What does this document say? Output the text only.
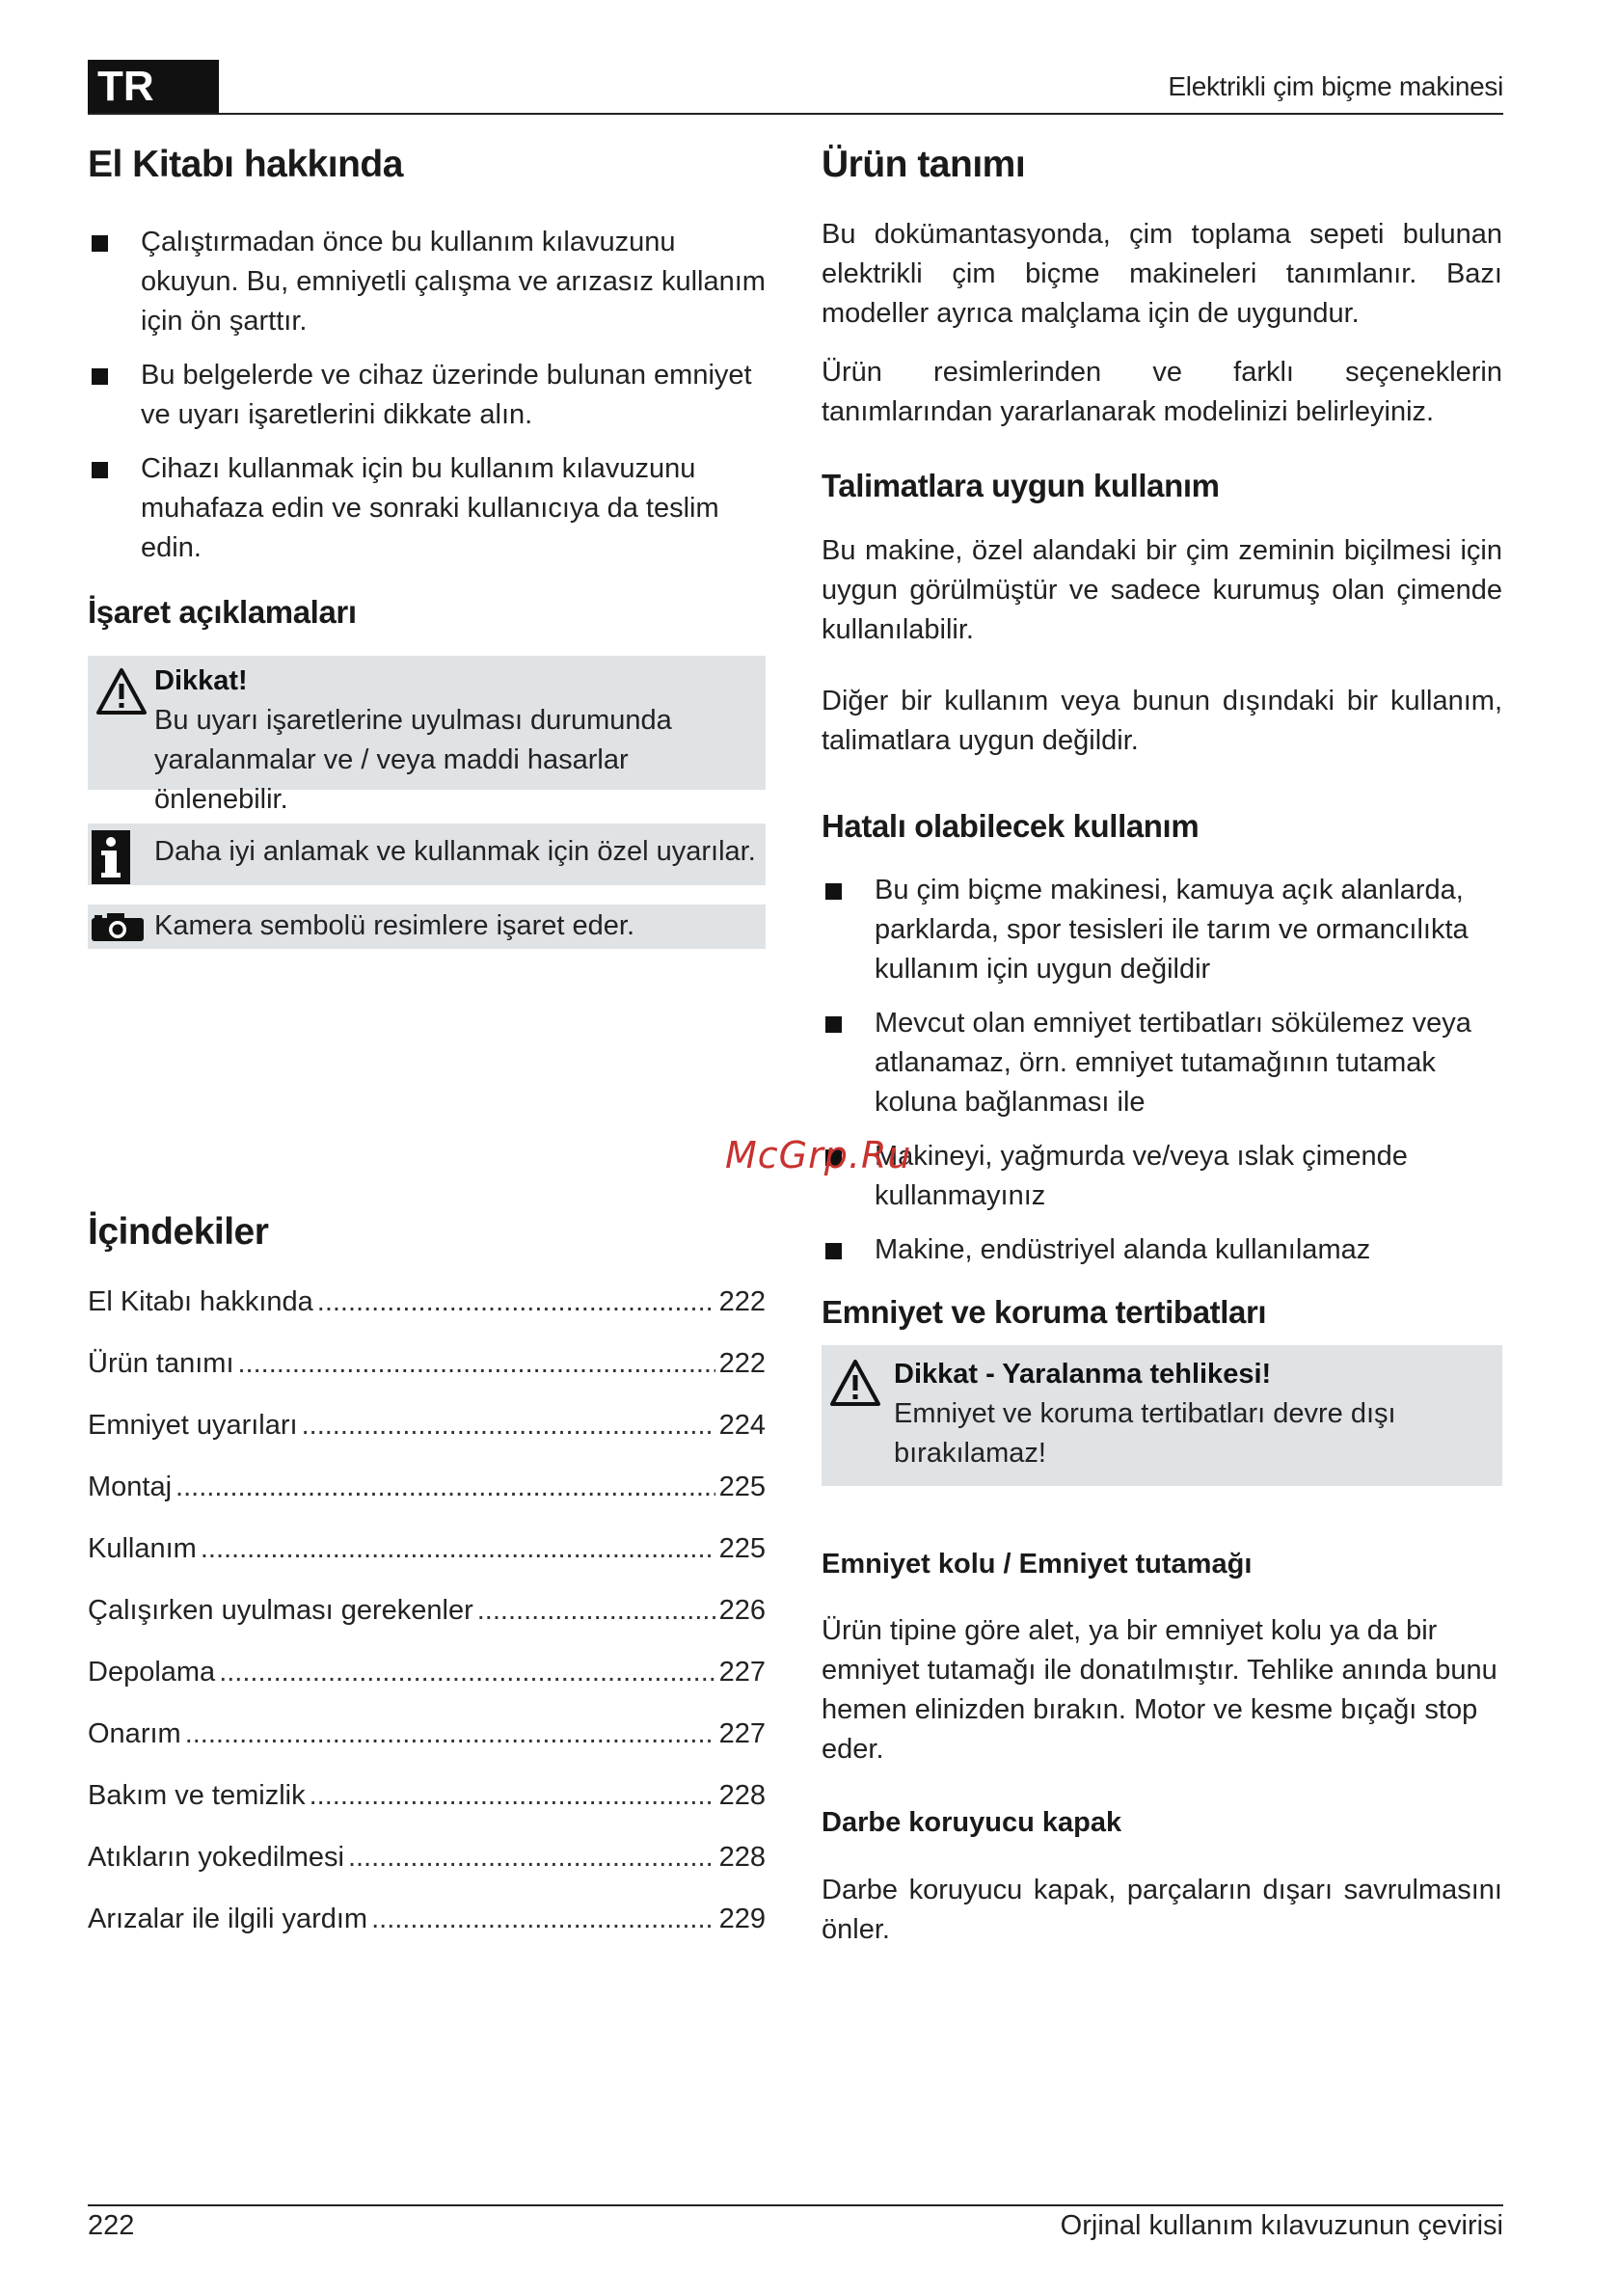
TR	Elektrikli çim biçme makinesi
El Kitabı hakkında
Çalıştırmadan önce bu kullanım kılavuzunu okuyun. Bu, emniyetli çalışma ve arızasız kullanım için ön şarttır.
Bu belgelerde ve cihaz üzerinde bulunan emniyet ve uyarı işaretlerini dikkate alın.
Cihazı kullanmak için bu kullanım kılavuzunu muhafaza edin ve sonraki kullanıcıya da teslim edin.
İşaret açıklamaları
Dikkat!
Bu uyarı işaretlerine uyulması durumunda yaralanmalar ve / veya maddi hasarlar önlenebilir.
Daha iyi anlamak ve kullanmak için özel uyarılar.
Kamera sembolü resimlere işaret eder.
İçindekiler
El Kitabı hakkında .....	222
Ürün tanımı .....	222
Emniyet uyarıları .....	224
Montaj .....	225
Kullanım .....	225
Çalışırken uyulması gerekenler .....	226
Depolama .....	227
Onarım .....	227
Bakım ve temizlik .....	228
Atıkların yokedilmesi .....	228
Arızalar ile ilgili yardım .....	229
Ürün tanımı

Bu dokümantasyonda, çim toplama sepeti bulunan elektrikli çim biçme makineleri tanımlanır. Bazı modeller ayrıca malçlama için de uygundur.

Ürün resimlerinden ve farklı seçeneklerin tanımlarından yararlanarak modelinizi belirleyiniz.

Talimatlara uygun kullanım

Bu makine, özel alandaki bir çim zeminin biçilmesi için uygun görülmüştür ve sadece kurumuş olan çimende kullanılabilir.

Diğer bir kullanım veya bunun dışındaki bir kullanım, talimatlara uygun değildir.

Hatalı olabilecek kullanım
Bu çim biçme makinesi, kamuya açık alanlarda, parklarda, spor tesisleri ile tarım ve ormancılıkta kullanım için uygun değildir
Mevcut olan emniyet tertibatları sökülemez veya atlanamaz, örn. emniyet tutamağının tutamak koluna bağlanması ile
Makineyi, yağmurda ve/veya ıslak çimende kullanmayınız
Makine, endüstriyel alanda kullanılamaz
Emniyet ve koruma tertibatları
Dikkat - Yaralanma tehlikesi!
Emniyet ve koruma tertibatları devre dışı bırakılamaz!
Emniyet kolu / Emniyet tutamağı

Ürün tipine göre alet, ya bir emniyet kolu ya da bir emniyet tutamağı ile donatılmıştır. Tehlike anında bunu hemen elinizden bırakın. Motor ve kesme bıçağı stop eder.

Darbe koruyucu kapak

Darbe koruyucu kapak, parçaların dışarı savrulmasını önler.

McGrp.Ru
222	Orjinal kullanım kılavuzunun çevirisi
